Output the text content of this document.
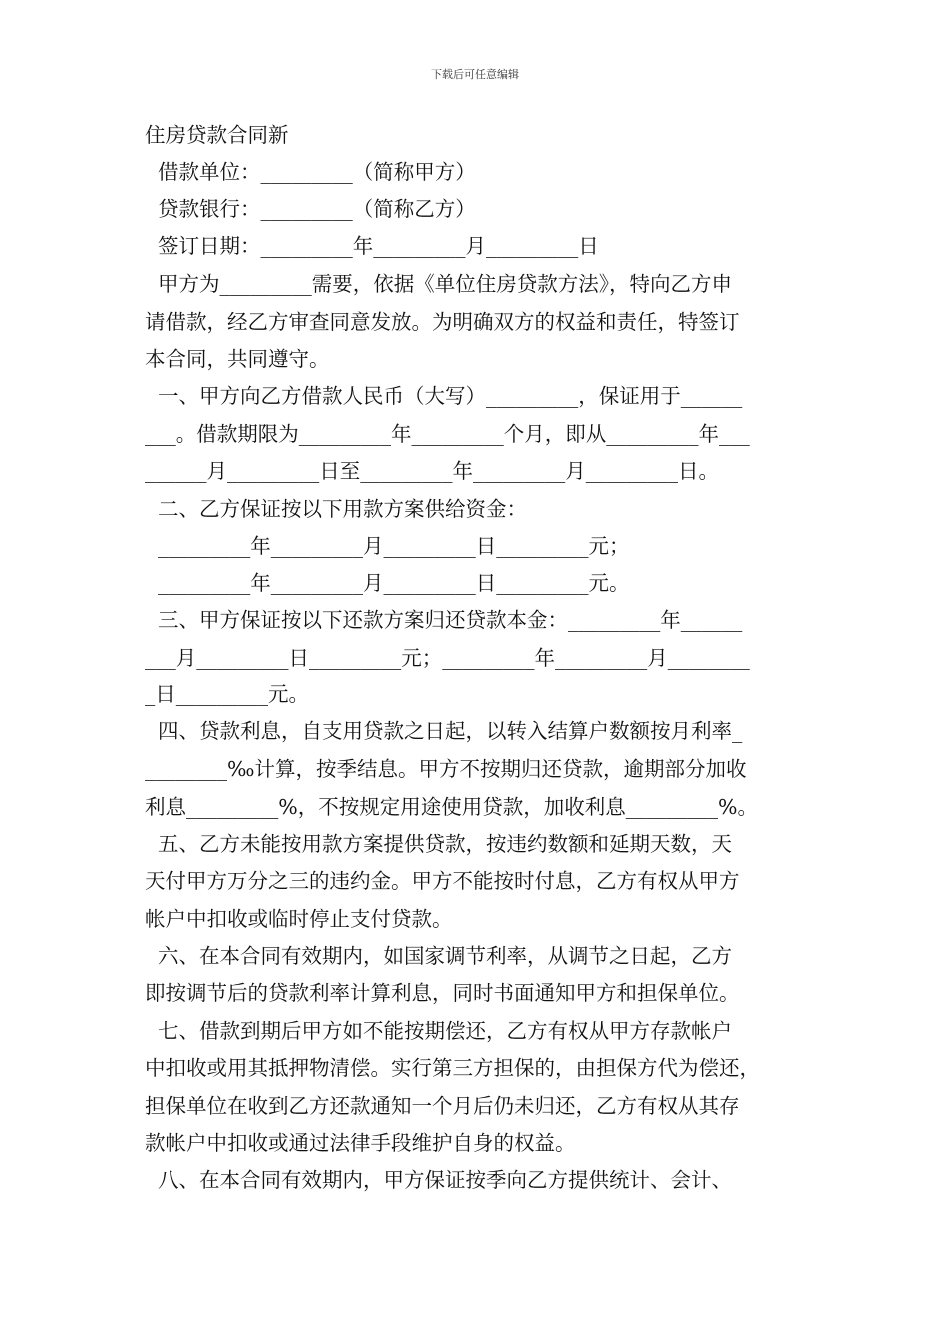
下载后可任意编辑
住房贷款合同新
借款单位：_________（简称甲方）
贷款银行：_________（简称乙方）
签订日期：_________年_________月_________日
甲方为_________需要，依据《单位住房贷款方法》，特向乙方申
请借款，经乙方审查同意发放。为明确双方的权益和责任，特签订
本合同，共同遵守。
一、甲方向乙方借款人民币（大写）_________，保证用于______
___。借款期限为_________年_________个月，即从_________年___
______月_________日至_________年_________月_________日。
二、乙方保证按以下用款方案供给资金：
_________年_________月_________日_________元；
_________年_________月_________日_________元。
三、甲方保证按以下还款方案归还贷款本金：_________年______
___月_________日_________元；_________年_________月________
_日_________元。
四、贷款利息，自支用贷款之日起，以转入结算户数额按月利率_
________‰计算，按季结息。甲方不按期归还贷款，逾期部分加收
利息_________%，不按规定用途使用贷款，加收利息_________%。
五、乙方未能按用款方案提供贷款，按违约数额和延期天数，天
天付甲方万分之三的违约金。甲方不能按时付息，乙方有权从甲方
帐户中扣收或临时停止支付贷款。
六、在本合同有效期内，如国家调节利率，从调节之日起，乙方
即按调节后的贷款利率计算利息，同时书面通知甲方和担保单位。
七、借款到期后甲方如不能按期偿还，乙方有权从甲方存款帐户
中扣收或用其抵押物清偿。实行第三方担保的，由担保方代为偿还，
担保单位在收到乙方还款通知一个月后仍未归还，乙方有权从其存
款帐户中扣收或通过法律手段维护自身的权益。
八、在本合同有效期内，甲方保证按季向乙方提供统计、会计、
